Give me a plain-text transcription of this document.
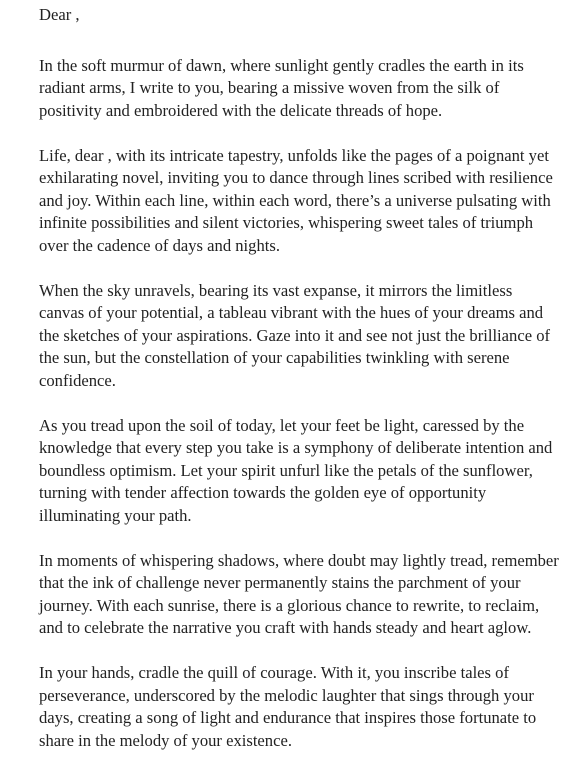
Dear ,

In the soft murmur of dawn, where sunlight gently cradles the earth in its radiant arms, I write to you, bearing a missive woven from the silk of positivity and embroidered with the delicate threads of hope.

Life, dear , with its intricate tapestry, unfolds like the pages of a poignant yet exhilarating novel, inviting you to dance through lines scribed with resilience and joy. Within each line, within each word, there’s a universe pulsating with infinite possibilities and silent victories, whispering sweet tales of triumph over the cadence of days and nights.

When the sky unravels, bearing its vast expanse, it mirrors the limitless canvas of your potential, a tableau vibrant with the hues of your dreams and the sketches of your aspirations. Gaze into it and see not just the brilliance of the sun, but the constellation of your capabilities twinkling with serene confidence.

As you tread upon the soil of today, let your feet be light, caressed by the knowledge that every step you take is a symphony of deliberate intention and boundless optimism. Let your spirit unfurl like the petals of the sunflower, turning with tender affection towards the golden eye of opportunity illuminating your path.

In moments of whispering shadows, where doubt may lightly tread, remember that the ink of challenge never permanently stains the parchment of your journey. With each sunrise, there is a glorious chance to rewrite, to reclaim, and to celebrate the narrative you craft with hands steady and heart aglow.

In your hands, cradle the quill of courage. With it, you inscribe tales of perseverance, underscored by the melodic laughter that sings through your days, creating a song of light and endurance that inspires those fortunate to share in the melody of your existence.
